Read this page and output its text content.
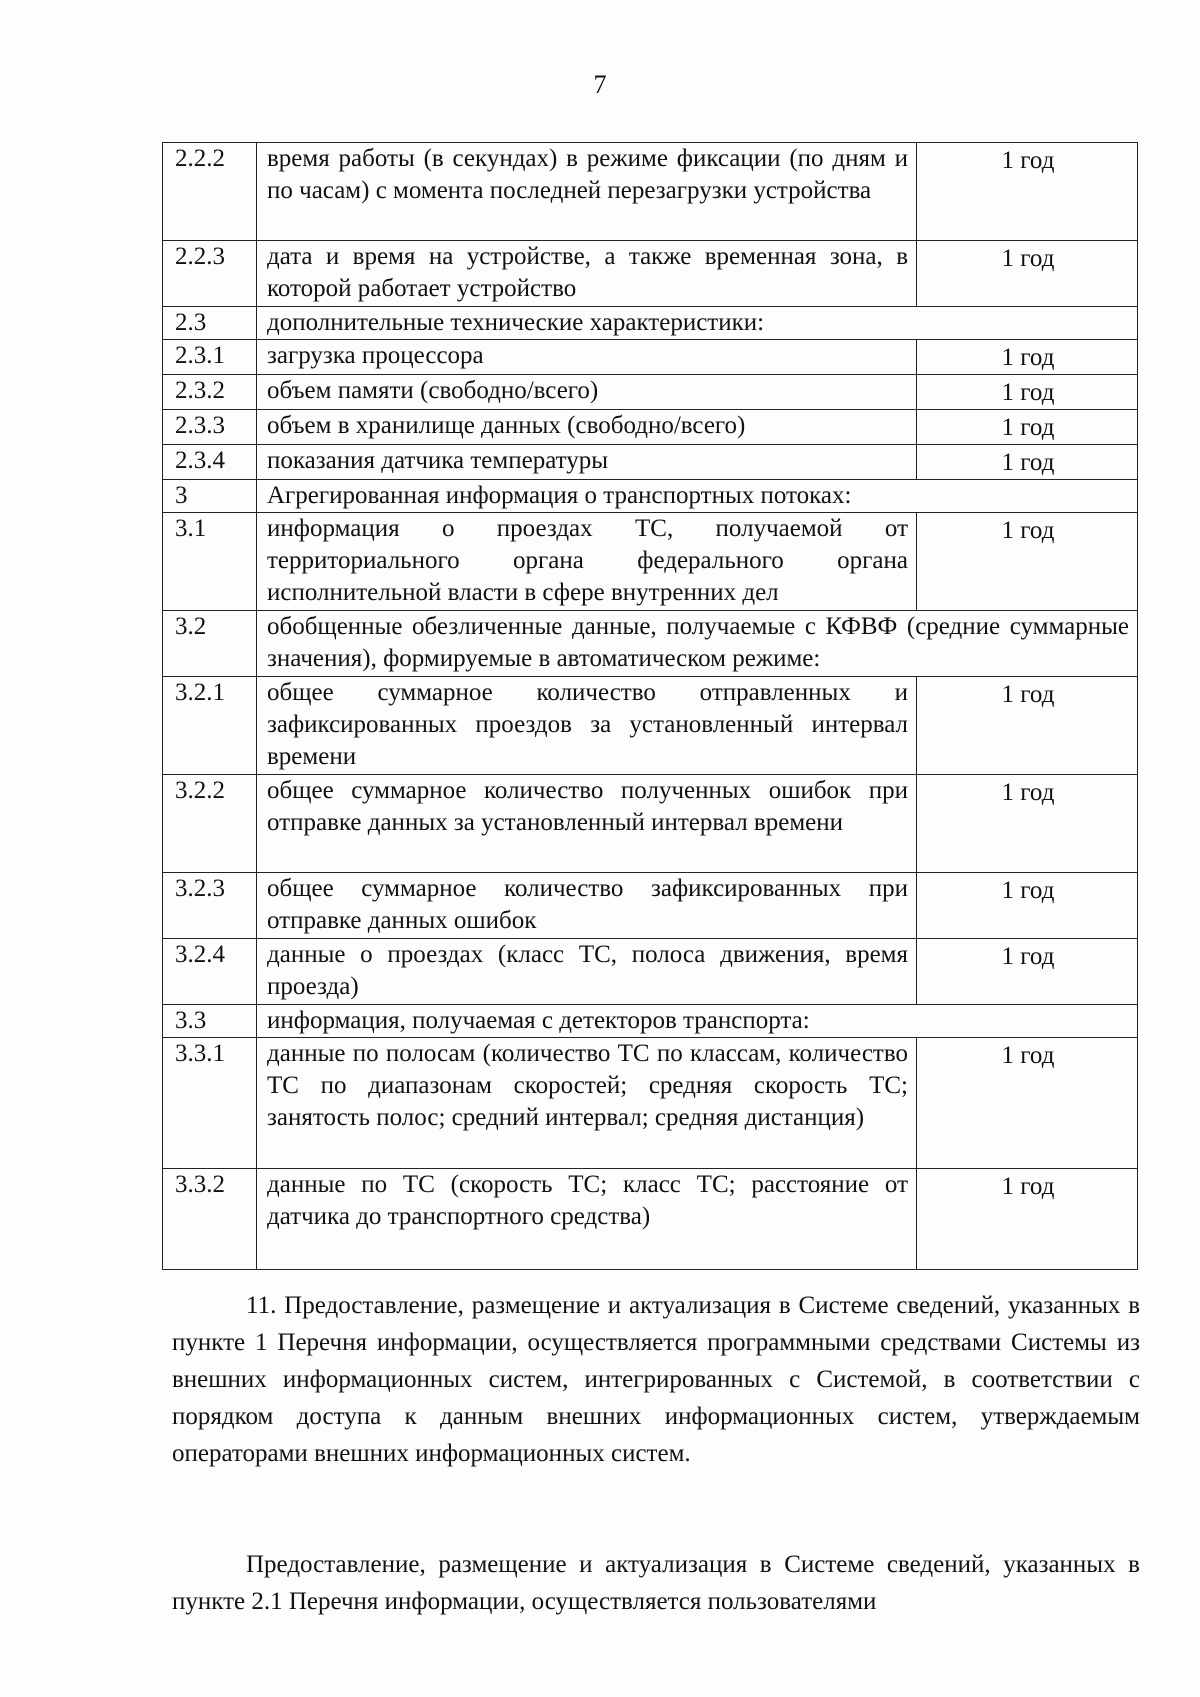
7
2.2.2	время работы (в секундах) в режиме фиксации (по дням и по часам) с момента последней перезагрузки устройства	1 год
2.2.3	дата и время на устройстве, а также временная зона, в которой работает устройство	1 год
2.3	дополнительные технические характеристики:	
2.3.1	загрузка процессора	1 год
2.3.2	объем памяти (свободно/всего)	1 год
2.3.3	объем в хранилище данных (свободно/всего)	1 год
2.3.4	показания датчика температуры	1 год
3	Агрегированная информация о транспортных потоках:	
3.1	информация о проездах ТС, получаемой от территориального органа федерального органа исполнительной власти в сфере внутренних дел	1 год
3.2	обобщенные обезличенные данные, получаемые с КФВФ (средние суммарные значения), формируемые в автоматическом режиме:	
3.2.1	общее суммарное количество отправленных и зафиксированных проездов за установленный интервал времени	1 год
3.2.2	общее суммарное количество полученных ошибок при отправке данных за установленный интервал времени	1 год
3.2.3	общее суммарное количество зафиксированных при отправке данных ошибок	1 год
3.2.4	данные о проездах (класс ТС, полоса движения, время проезда)	1 год
3.3	информация, получаемая с детекторов транспорта:	
3.3.1	данные по полосам (количество ТС по классам, количество ТС по диапазонам скоростей; средняя скорость ТС; занятость полос; средний интервал; средняя дистанция)	1 год
3.3.2	данные по ТС (скорость ТС; класс ТС; расстояние от датчика до транспортного средства)	1 год

11. Предоставление, размещение и актуализация в Системе сведений, указанных в пункте 1 Перечня информации, осуществляется программными средствами Системы из внешних информационных систем, интегрированных с Системой, в соответствии с порядком доступа к данным внешних информационных систем, утверждаемым операторами внешних информационных систем.

Предоставление, размещение и актуализация в Системе сведений, указанных в пункте 2.1 Перечня информации, осуществляется пользователями
